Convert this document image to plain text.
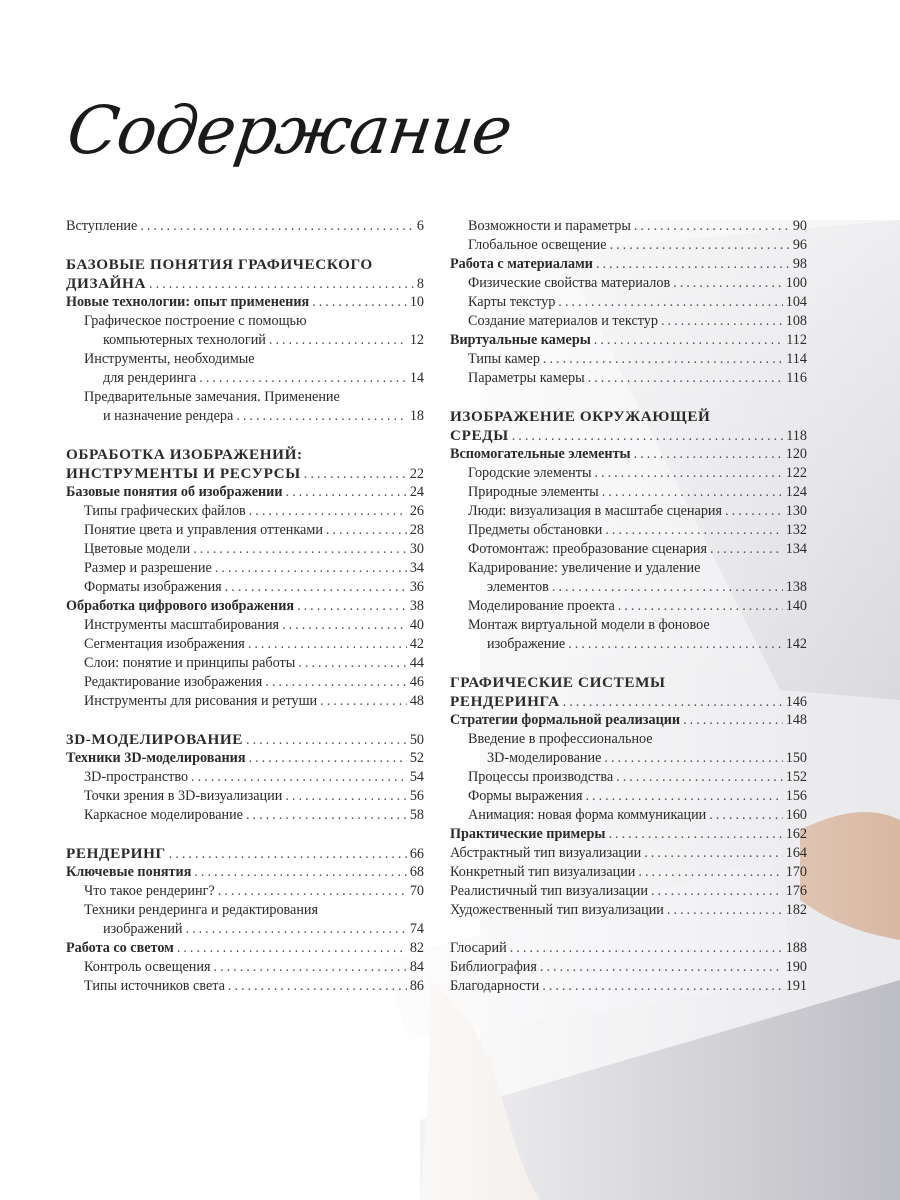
Содержание
Вступление .....	6
БАЗОВЫЕ ПОНЯТИЯ ГРАФИЧЕСКОГО
ДИЗАЙНА .....	8
Новые технологии: опыт применения .....	10
Графическое построение с помощью
компьютерных технологий .....	12
Инструменты, необходимые
для рендеринга .....	14
Предварительные замечания. Применение
и назначение рендера .....	18
ОБРАБОТКА ИЗОБРАЖЕНИЙ:
ИНСТРУМЕНТЫ И РЕСУРСЫ .....	22
Базовые понятия об изображении .....	24
Типы графических файлов .....	26
Понятие цвета и управления оттенками .....	28
Цветовые модели .....	30
Размер и разрешение .....	34
Форматы изображения .....	36
Обработка цифрового изображения .....	38
Инструменты масштабирования .....	40
Сегментация изображения .....	42
Слои: понятие и принципы работы .....	44
Редактирование изображения .....	46
Инструменты для рисования и ретуши .....	48
3D-МОДЕЛИРОВАНИЕ .....	50
Техники 3D-моделирования .....	52
3D-пространство .....	54
Точки зрения в 3D-визуализации .....	56
Каркасное моделирование .....	58
РЕНДЕРИНГ .....	66
Ключевые понятия .....	68
Что такое рендеринг? .....	70
Техники рендеринга и редактирования
изображений .....	74
Работа со светом .....	82
Контроль освещения .....	84
Типы источников света .....	86
Возможности и параметры .....	90
Глобальное освещение .....	96
Работа с материалами .....	98
Физические свойства материалов .....	100
Карты текстур .....	104
Создание материалов и текстур .....	108
Виртуальные камеры .....	112
Типы камер .....	114
Параметры камеры .....	116
ИЗОБРАЖЕНИЕ ОКРУЖАЮЩЕЙ
СРЕДЫ .....	118
Вспомогательные элементы .....	120
Городские элементы .....	122
Природные элементы .....	124
Люди: визуализация в масштабе сценария .....	130
Предметы обстановки .....	132
Фотомонтаж: преобразование сценария .....	134
Кадрирование: увеличение и удаление
элементов .....	138
Моделирование проекта .....	140
Монтаж виртуальной модели в фоновое
изображение .....	142
ГРАФИЧЕСКИЕ СИСТЕМЫ
РЕНДЕРИНГА .....	146
Стратегии формальной реализации .....	148
Введение в профессиональное
3D-моделирование .....	150
Процессы производства .....	152
Формы выражения .....	156
Анимация: новая форма коммуникации .....	160
Практические примеры .....	162
Абстрактный тип визуализации .....	164
Конкретный тип визуализации .....	170
Реалистичный тип визуализации .....	176
Художественный тип визуализации .....	182
Глосарий .....	188
Библиография .....	190
Благодарности .....	191
